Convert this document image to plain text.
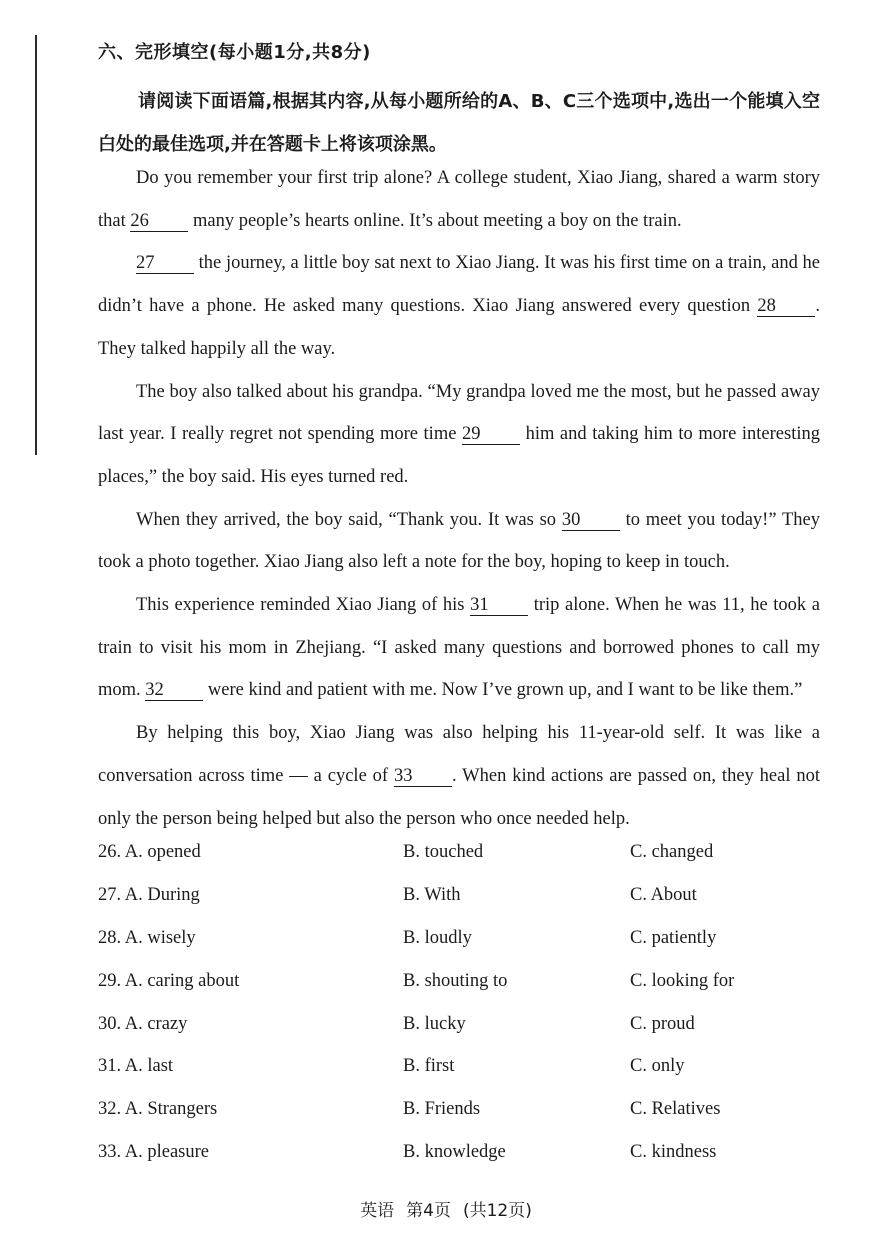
六、完形填空(每小题1分,共8分)
请阅读下面语篇,根据其内容,从每小题所给的A、B、C三个选项中,选出一个能填入空白处的最佳选项,并在答题卡上将该项涂黑。

Do you remember your first trip alone? A college student, Xiao Jiang, shared a warm story that 26 many people’s hearts online. It’s about meeting a boy on the train.

27 the journey, a little boy sat next to Xiao Jiang. It was his first time on a train, and he didn’t have a phone. He asked many questions. Xiao Jiang answered every question 28 . They talked happily all the way.

The boy also talked about his grandpa. “My grandpa loved me the most, but he passed away last year. I really regret not spending more time 29 him and taking him to more interesting places,” the boy said. His eyes turned red.

When they arrived, the boy said, “Thank you. It was so 30 to meet you today!” They took a photo together. Xiao Jiang also left a note for the boy, hoping to keep in touch.

This experience reminded Xiao Jiang of his 31 trip alone. When he was 11, he took a train to visit his mom in Zhejiang. “I asked many questions and borrowed phones to call my mom. 32 were kind and patient with me. Now I’ve grown up, and I want to be like them.”

By helping this boy, Xiao Jiang was also helping his 11-year-old self. It was like a conversation across time — a cycle of 33 . When kind actions are passed on, they heal not only the person being helped but also the person who once needed help.

26. A. opened	B. touched	C. changed
27. A. During	B. With	C. About
28. A. wisely	B. loudly	C. patiently
29. A. caring about	B. shouting to	C. looking for
30. A. crazy	B. lucky	C. proud
31. A. last	B. first	C. only
32. A. Strangers	B. Friends	C. Relatives
33. A. pleasure	B. knowledge	C. kindness
英语 第4页 (共12页)
